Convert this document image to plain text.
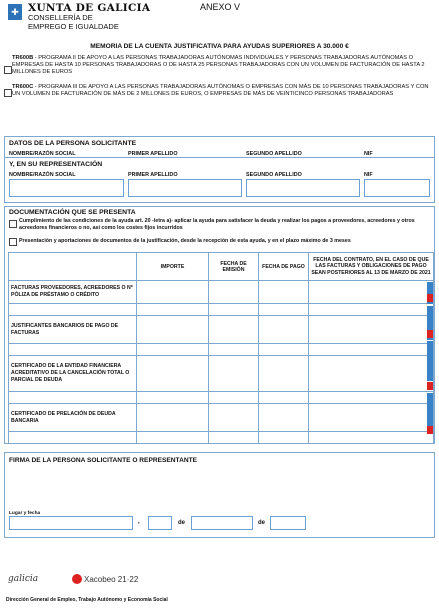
✚ XUNTA DE GALICIA
CONSELLERÍA DE
EMPREGO E IGUALDADE
ANEXO V
MEMORIA DE LA CUENTA JUSTIFICATIVA PARA AYUDAS SUPERIORES A 30.000 €
TR600B - PROGRAMA II DE APOYO A LAS PERSONAS TRABAJADORAS AUTÓNOMAS INDIVIDUALES Y PERSONAS TRABAJADORAS AUTÓNOMAS O EMPRESAS DE HASTA 10 PERSONAS TRABAJADORAS O DE HASTA 25 PERSONAS TRABAJADORAS CON UN VOLUMEN DE FACTURACIÓN DE HASTA 2 MILLONES DE EUROS
TR600C - PROGRAMA III DE APOYO A LAS PERSONAS TRABAJADORAS AUTÓNOMAS O EMPRESAS CON MÁS DE 10 PERSONAS TRABAJADORAS Y CON UN VOLUMEN DE FACTURACIÓN DE MÁS DE 2 MILLONES DE EUROS, O EMPRESAS DE MÁS DE VEINTICINCO PERSONAS TRABAJADORAS
DATOS DE LA PERSONA SOLICITANTE
NOMBRE/RAZÓN SOCIAL	PRIMER APELLIDO	SEGUNDO APELLIDO	NIF
Y, EN SU REPRESENTACIÓN
NOMBRE/RAZÓN SOCIAL	PRIMER APELLIDO	SEGUNDO APELLIDO	NIF
DOCUMENTACIÓN QUE SE PRESENTA
Cumplimiento de las condiciones de la ayuda art. 20 -letra a)- aplicar la ayuda para satisfacer la deuda y realizar los pagos a proveedores, acreedores y otros acreedores financieros o no, así como los costes fijos incurridos
Presentación y aportaciones de documentos de la justificación, desde la recepción de esta ayuda, y en el plazo máximo de 3 meses
	IMPORTE	FECHA DE EMISIÓN	FECHA DE PAGO	FECHA DEL CONTRATO, EN EL CASO DE QUE LAS FACTURAS Y OBLIGACIONES DE PAGO SEAN POSTERIORES AL 13 DE MARZO DE 2021
FACTURAS PROVEEDORES, ACREEDORES O Nº PÓLIZA DE PRÉSTAMO O CRÉDITO				

JUSTIFICANTES BANCARIOS DE PAGO DE FACTURAS				

CERTIFICADO DE LA ENTIDAD FINANCIERA ACREDITATIVO DE LA CANCELACIÓN TOTAL O PARCIAL DE DEUDA				

CERTIFICADO DE PRELACIÓN DE DEUDA BANCARIA				

FIRMA DE LA PERSONA SOLICITANTE O REPRESENTANTE
Lugar y fecha
,	de	de
galicia	Xacobeo 21·22
Dirección General de Empleo, Trabajo Autónomo y Economía Social
